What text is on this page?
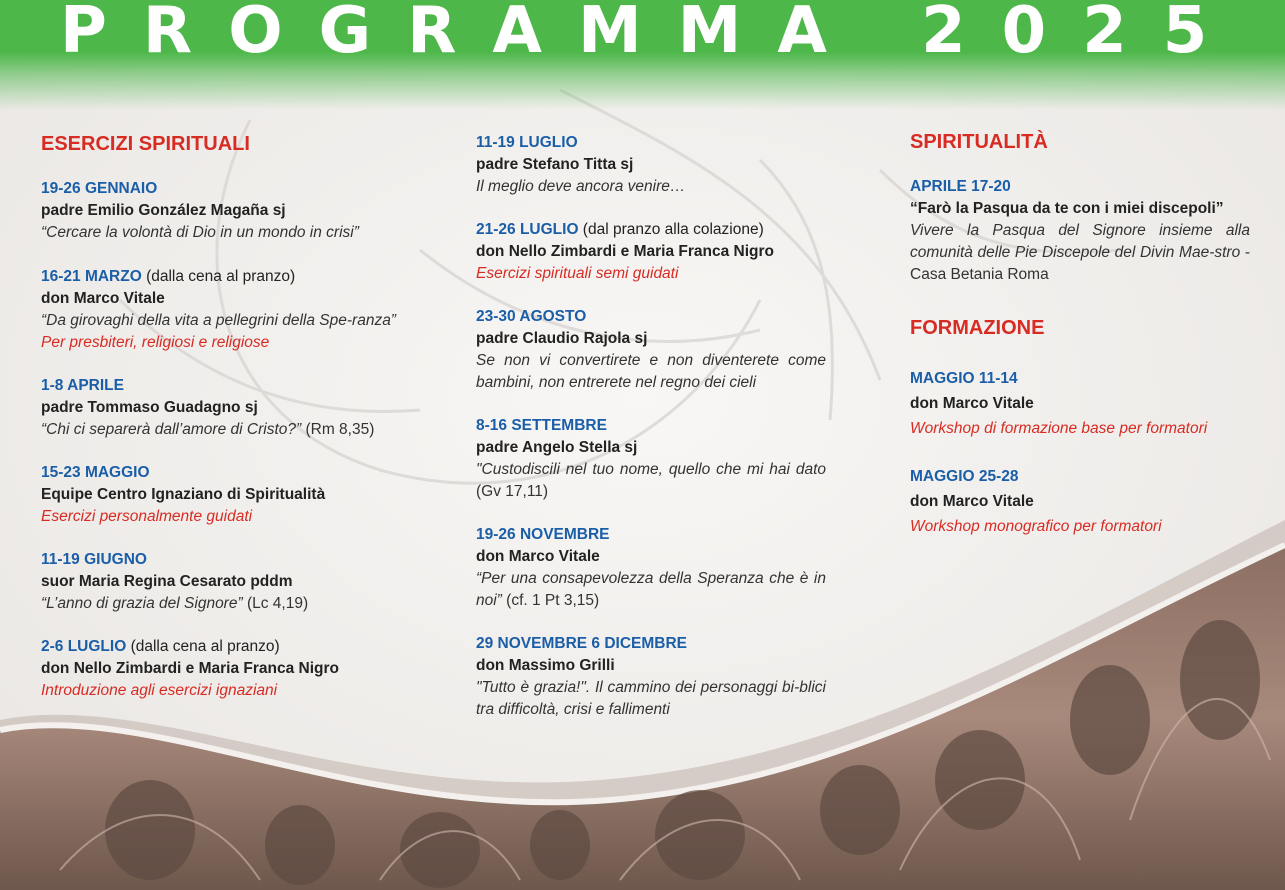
PROGRAMMA 2025
ESERCIZI SPIRITUALI
19-26 GENNAIO
padre Emilio González Magaña sj
“Cercare la volontà di Dio in un mondo in crisi”
16-21 MARZO (dalla cena al pranzo)
don Marco Vitale
“Da girovaghi della vita a pellegrini della Spe-ranza”
Per presbiteri, religiosi e religiose
1-8 APRILE
padre Tommaso Guadagno sj
“Chi ci separerà dall’amore di Cristo?” (Rm 8,35)
15-23 MAGGIO
Equipe Centro Ignaziano di Spiritualità
Esercizi personalmente guidati
11-19 GIUGNO
suor Maria Regina Cesarato pddm
“L’anno di grazia del Signore” (Lc 4,19)
2-6 LUGLIO (dalla cena al pranzo)
don Nello Zimbardi e Maria Franca Nigro
Introduzione agli esercizi ignaziani
11-19 LUGLIO
padre Stefano Titta sj
Il meglio deve ancora venire…
21-26 LUGLIO (dal pranzo alla colazione)
don Nello Zimbardi e Maria Franca Nigro
Esercizi spirituali semi guidati
23-30 AGOSTO
padre Claudio Rajola sj
Se non vi convertirete e non diventerete come bambini, non entrerete nel regno dei cieli
8-16 SETTEMBRE
padre Angelo Stella sj
"Custodiscili nel tuo nome, quello che mi hai dato (Gv 17,11)
19-26 NOVEMBRE
don Marco Vitale
“Per una consapevolezza della Speranza che è in noi” (cf. 1 Pt 3,15)
29 NOVEMBRE 6 DICEMBRE
don Massimo Grilli
"Tutto è grazia!". Il cammino dei personaggi bi-blici tra difficoltà, crisi e fallimenti
SPIRITUALITÀ
APRILE 17-20
“Farò la Pasqua da te con i miei discepoli”
Vivere la Pasqua del Signore insieme alla comunità delle Pie Discepole del Divin Mae-stro - Casa Betania Roma
FORMAZIONE
MAGGIO 11-14
don Marco Vitale
Workshop di formazione base per formatori
MAGGIO 25-28
don Marco Vitale
Workshop monografico per formatori
